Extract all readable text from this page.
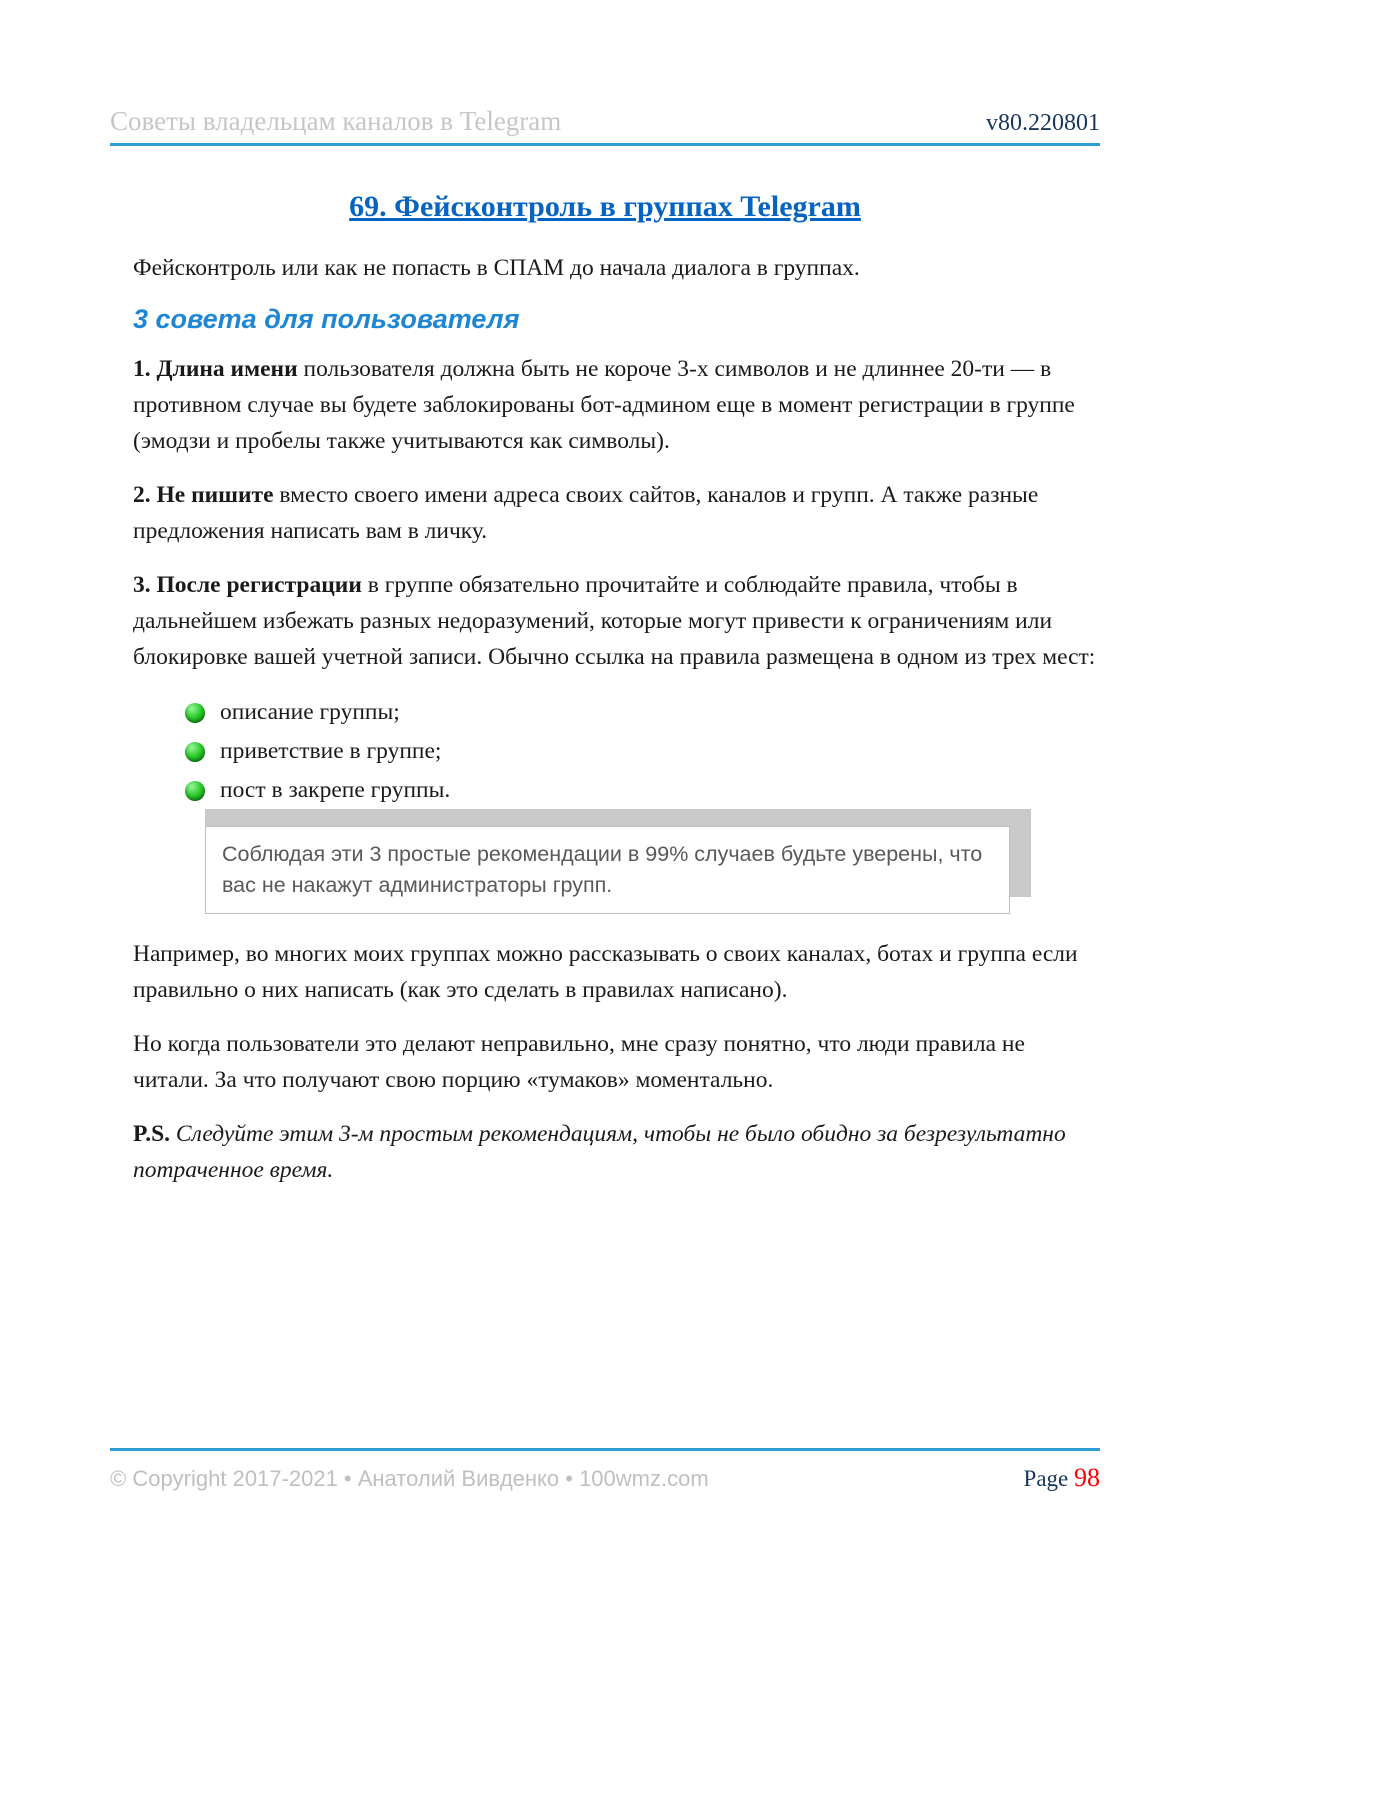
Советы владельцам каналов в Telegram	v80.220801
69. Фейсконтроль в группах Telegram

Фейсконтроль или как не попасть в СПАМ до начала диалога в группах.

3 совета для пользователя

1. Длина имени пользователя должна быть не короче 3-х символов и не длиннее 20-ти — в противном случае вы будете заблокированы бот-админом еще в момент регистрации в группе (эмодзи и пробелы также учитываются как символы).

2. Не пишите вместо своего имени адреса своих сайтов, каналов и групп. А также разные предложения написать вам в личку.

3. После регистрации в группе обязательно прочитайте и соблюдайте правила, чтобы в дальнейшем избежать разных недоразумений, которые могут привести к ограничениям или блокировке вашей учетной записи. Обычно ссылка на правила размещена в одном из трех мест:

описание группы;
приветствие в группе;
пост в закрепе группы.

Соблюдая эти 3 простые рекомендации в 99% случаев будьте уверены, что вас не накажут администраторы групп.

Например, во многих моих группах можно рассказывать о своих каналах, ботах и группа если правильно о них написать (как это сделать в правилах написано).

Но когда пользователи это делают неправильно, мне сразу понятно, что люди правила не читали. За что получают свою порцию «тумаков» моментально.

P.S. Следуйте этим 3-м простым рекомендациям, чтобы не было обидно за безрезультатно потраченное время.

© Copyright 2017-2021 • Анатолий Вивденко • 100wmz.com	Page 98
